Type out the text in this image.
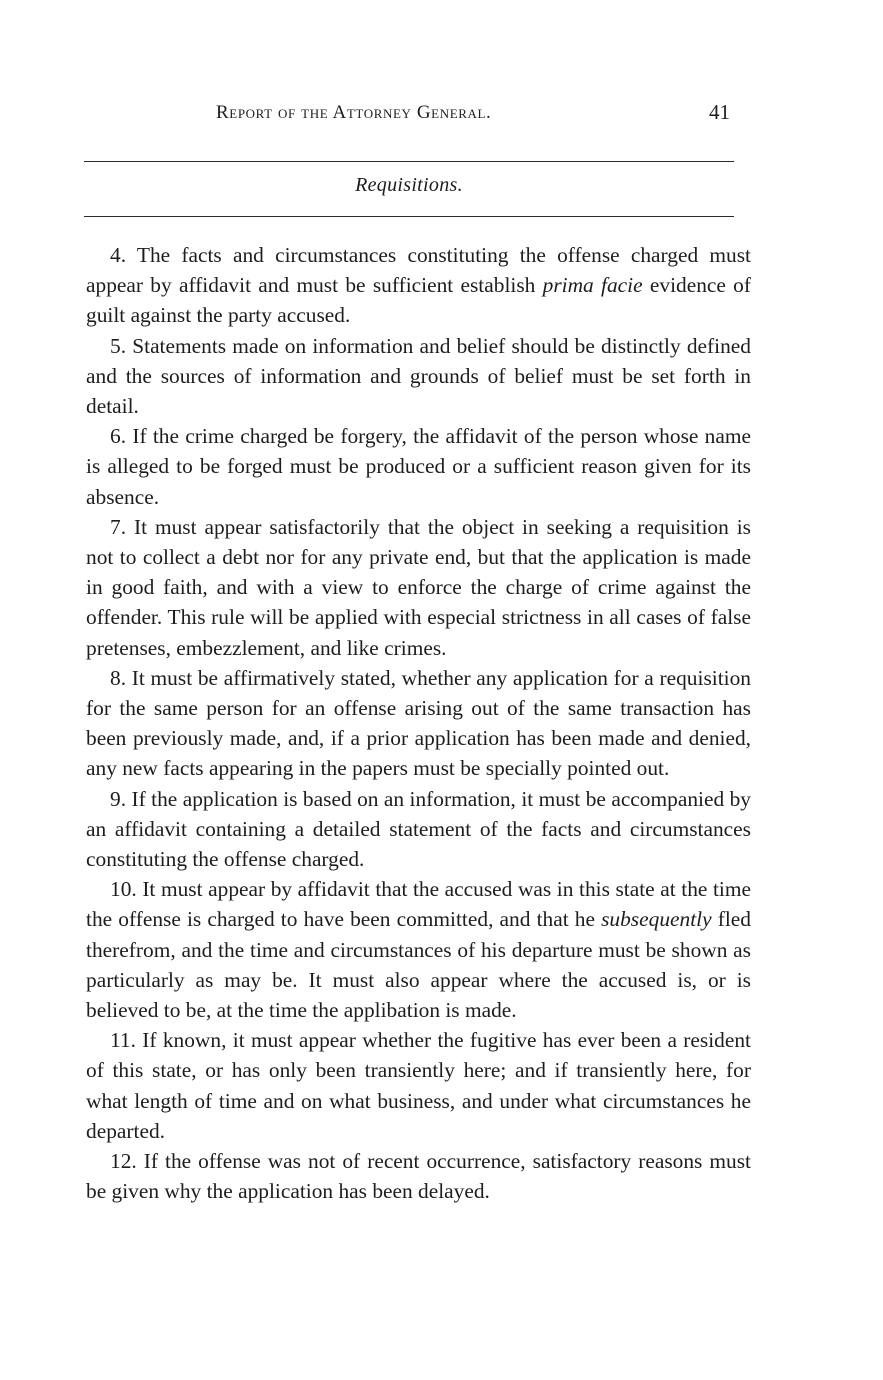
Report of the Attorney General.	41
Requisitions.

4. The facts and circumstances constituting the offense charged must appear by affidavit and must be sufficient establish prima facie evidence of guilt against the party accused.

5. Statements made on information and belief should be distinctly defined and the sources of information and grounds of belief must be set forth in detail.

6. If the crime charged be forgery, the affidavit of the person whose name is alleged to be forged must be produced or a sufficient reason given for its absence.

7. It must appear satisfactorily that the object in seeking a requisition is not to collect a debt nor for any private end, but that the application is made in good faith, and with a view to enforce the charge of crime against the offender. This rule will be applied with especial strictness in all cases of false pretenses, embezzlement, and like crimes.

8. It must be affirmatively stated, whether any application for a requisition for the same person for an offense arising out of the same transaction has been previously made, and, if a prior application has been made and denied, any new facts appearing in the papers must be specially pointed out.

9. If the application is based on an information, it must be accompanied by an affidavit containing a detailed statement of the facts and circumstances constituting the offense charged.

10. It must appear by affidavit that the accused was in this state at the time the offense is charged to have been committed, and that he subsequently fled therefrom, and the time and circumstances of his departure must be shown as particularly as may be. It must also appear where the accused is, or is believed to be, at the time the applibation is made.

11. If known, it must appear whether the fugitive has ever been a resident of this state, or has only been transiently here; and if transiently here, for what length of time and on what business, and under what circumstances he departed.

12. If the offense was not of recent occurrence, satisfactory reasons must be given why the application has been delayed.
